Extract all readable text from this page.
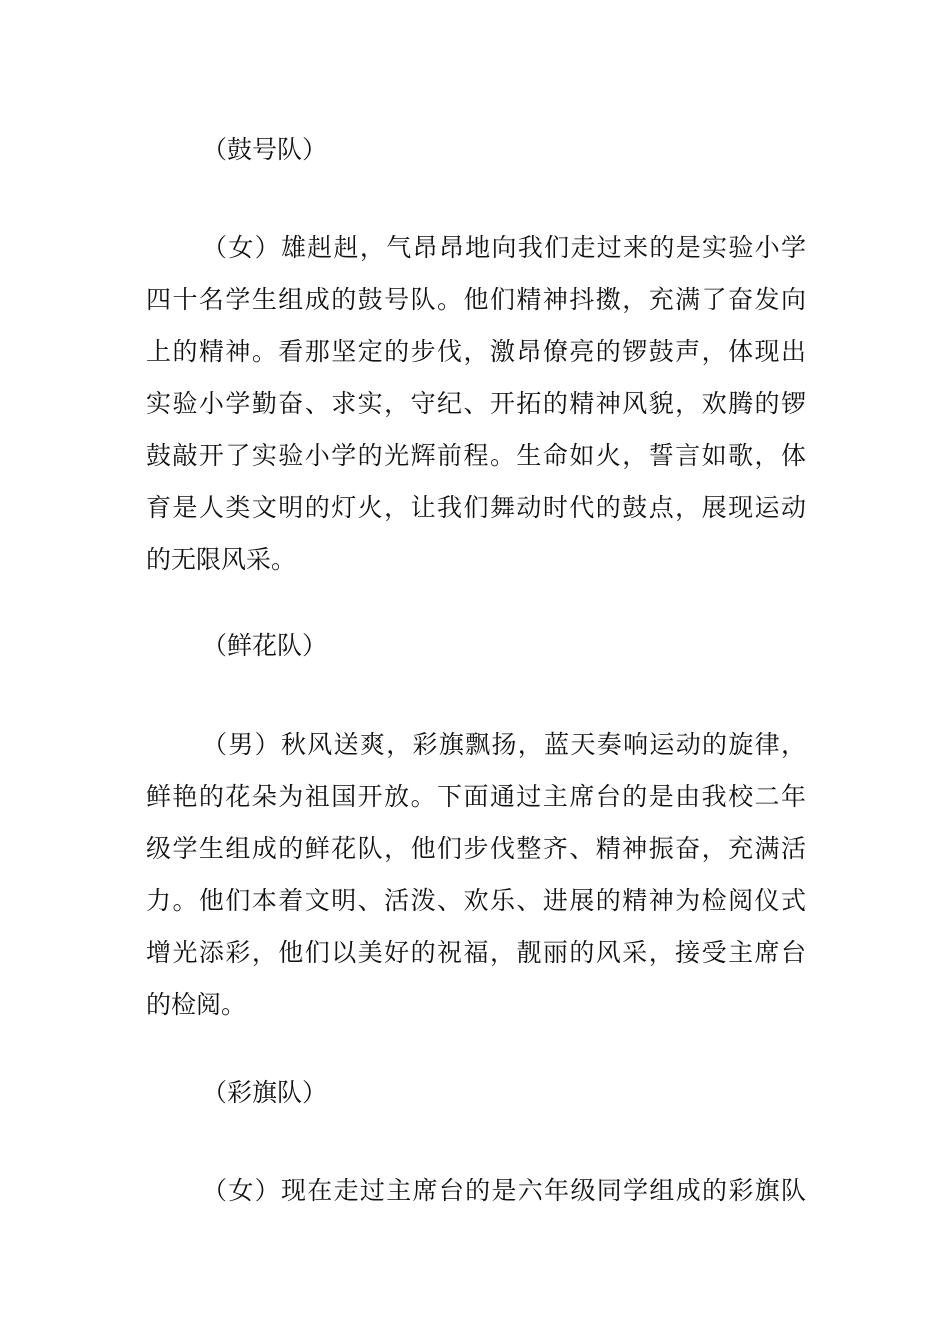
（鼓号队）
（女）雄赳赳，气昂昂地向我们走过来的是实验小学
四十名学生组成的鼓号队。他们精神抖擞，充满了奋发向
上的精神。看那坚定的步伐，激昂僚亮的锣鼓声，体现出
实验小学勤奋、求实，守纪、开拓的精神风貌，欢腾的锣
鼓敲开了实验小学的光辉前程。生命如火，誓言如歌，体
育是人类文明的灯火，让我们舞动时代的鼓点，展现运动
的无限风采。
（鲜花队）
（男）秋风送爽，彩旗飘扬，蓝天奏响运动的旋律，
鲜艳的花朵为祖国开放。下面通过主席台的是由我校二年
级学生组成的鲜花队，他们步伐整齐、精神振奋，充满活
力。他们本着文明、活泼、欢乐、进展的精神为检阅仪式
增光添彩，他们以美好的祝福，靓丽的风采，接受主席台
的检阅。
（彩旗队）
（女）现在走过主席台的是六年级同学组成的彩旗队
